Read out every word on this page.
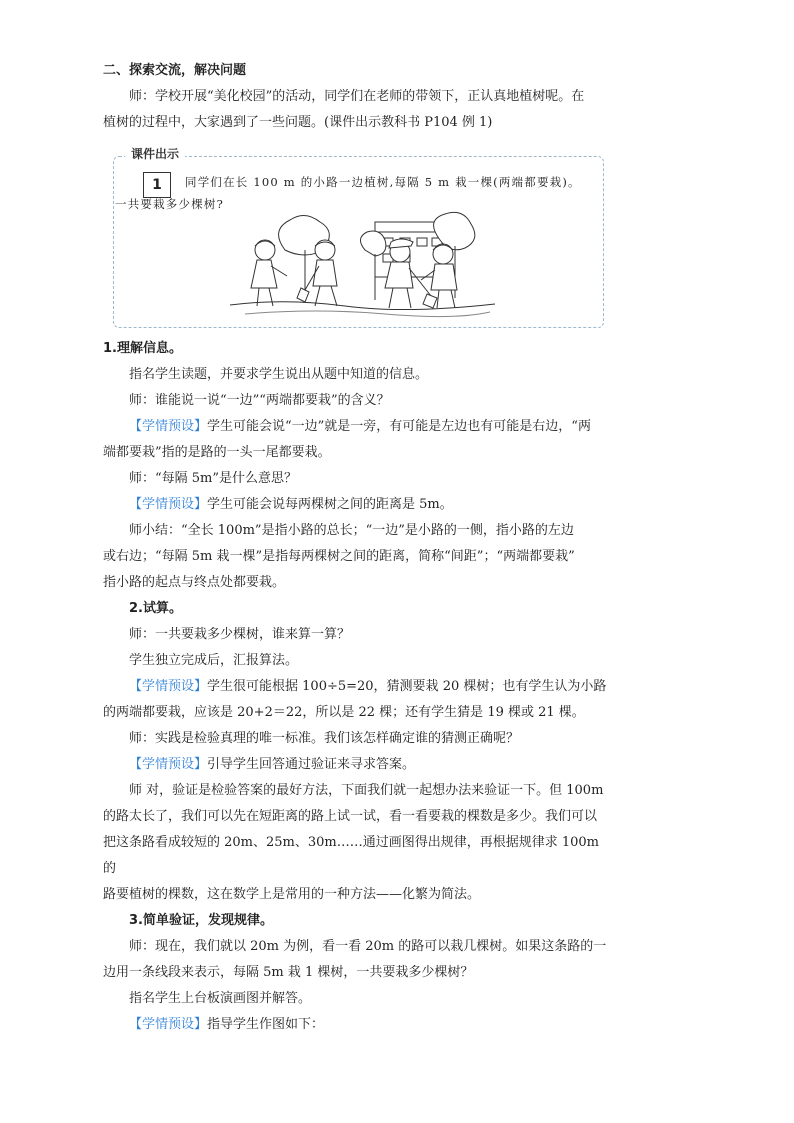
二、探索交流，解决问题

师：学校开展“美化校园”的活动，同学们在老师的带领下，正认真地植树呢。在

植树的过程中，大家遇到了一些问题。(课件出示教科书 P104 例 1)

课件出示
1	同学们在长 100 m 的小路一边植树,每隔 5 m 栽一棵(两端都要栽)。
一共要栽多少棵树?

1.理解信息。

指名学生读题，并要求学生说出从题中知道的信息。

师：谁能说一说“一边”“两端都要栽”的含义？

【学情预设】学生可能会说“一边”就是一旁，有可能是左边也有可能是右边，“两

端都要栽”指的是路的一头一尾都要栽。

师：“每隔 5m”是什么意思？

【学情预设】学生可能会说每两棵树之间的距离是 5m。

师小结：“全长 100m”是指小路的总长；“一边”是小路的一侧，指小路的左边

或右边；“每隔 5m 栽一棵”是指每两棵树之间的距离，简称“间距”；“两端都要栽”

指小路的起点与终点处都要栽。

2.试算。

师：一共要栽多少棵树，谁来算一算？

学生独立完成后，汇报算法。

【学情预设】学生很可能根据 100÷5=20，猜测要栽 20 棵树；也有学生认为小路

的两端都要栽，应该是 20+2＝22，所以是 22 棵；还有学生猜是 19 棵或 21 棵。

师：实践是检验真理的唯一标准。我们该怎样确定谁的猜测正确呢？

【学情预设】引导学生回答通过验证来寻求答案。

师 对，验证是检验答案的最好方法，下面我们就一起想办法来验证一下。但 100m

的路太长了，我们可以先在短距离的路上试一试，看一看要栽的棵数是多少。我们可以

把这条路看成较短的 20m、25m、30m……通过画图得出规律，再根据规律求 100m 的

路要植树的棵数，这在数学上是常用的一种方法——化繁为简法。

3.简单验证，发现规律。

师：现在，我们就以 20m 为例，看一看 20m 的路可以栽几棵树。如果这条路的一

边用一条线段来表示，每隔 5m 栽 1 棵树，一共要栽多少棵树？

指名学生上台板演画图并解答。

【学情预设】指导学生作图如下：
